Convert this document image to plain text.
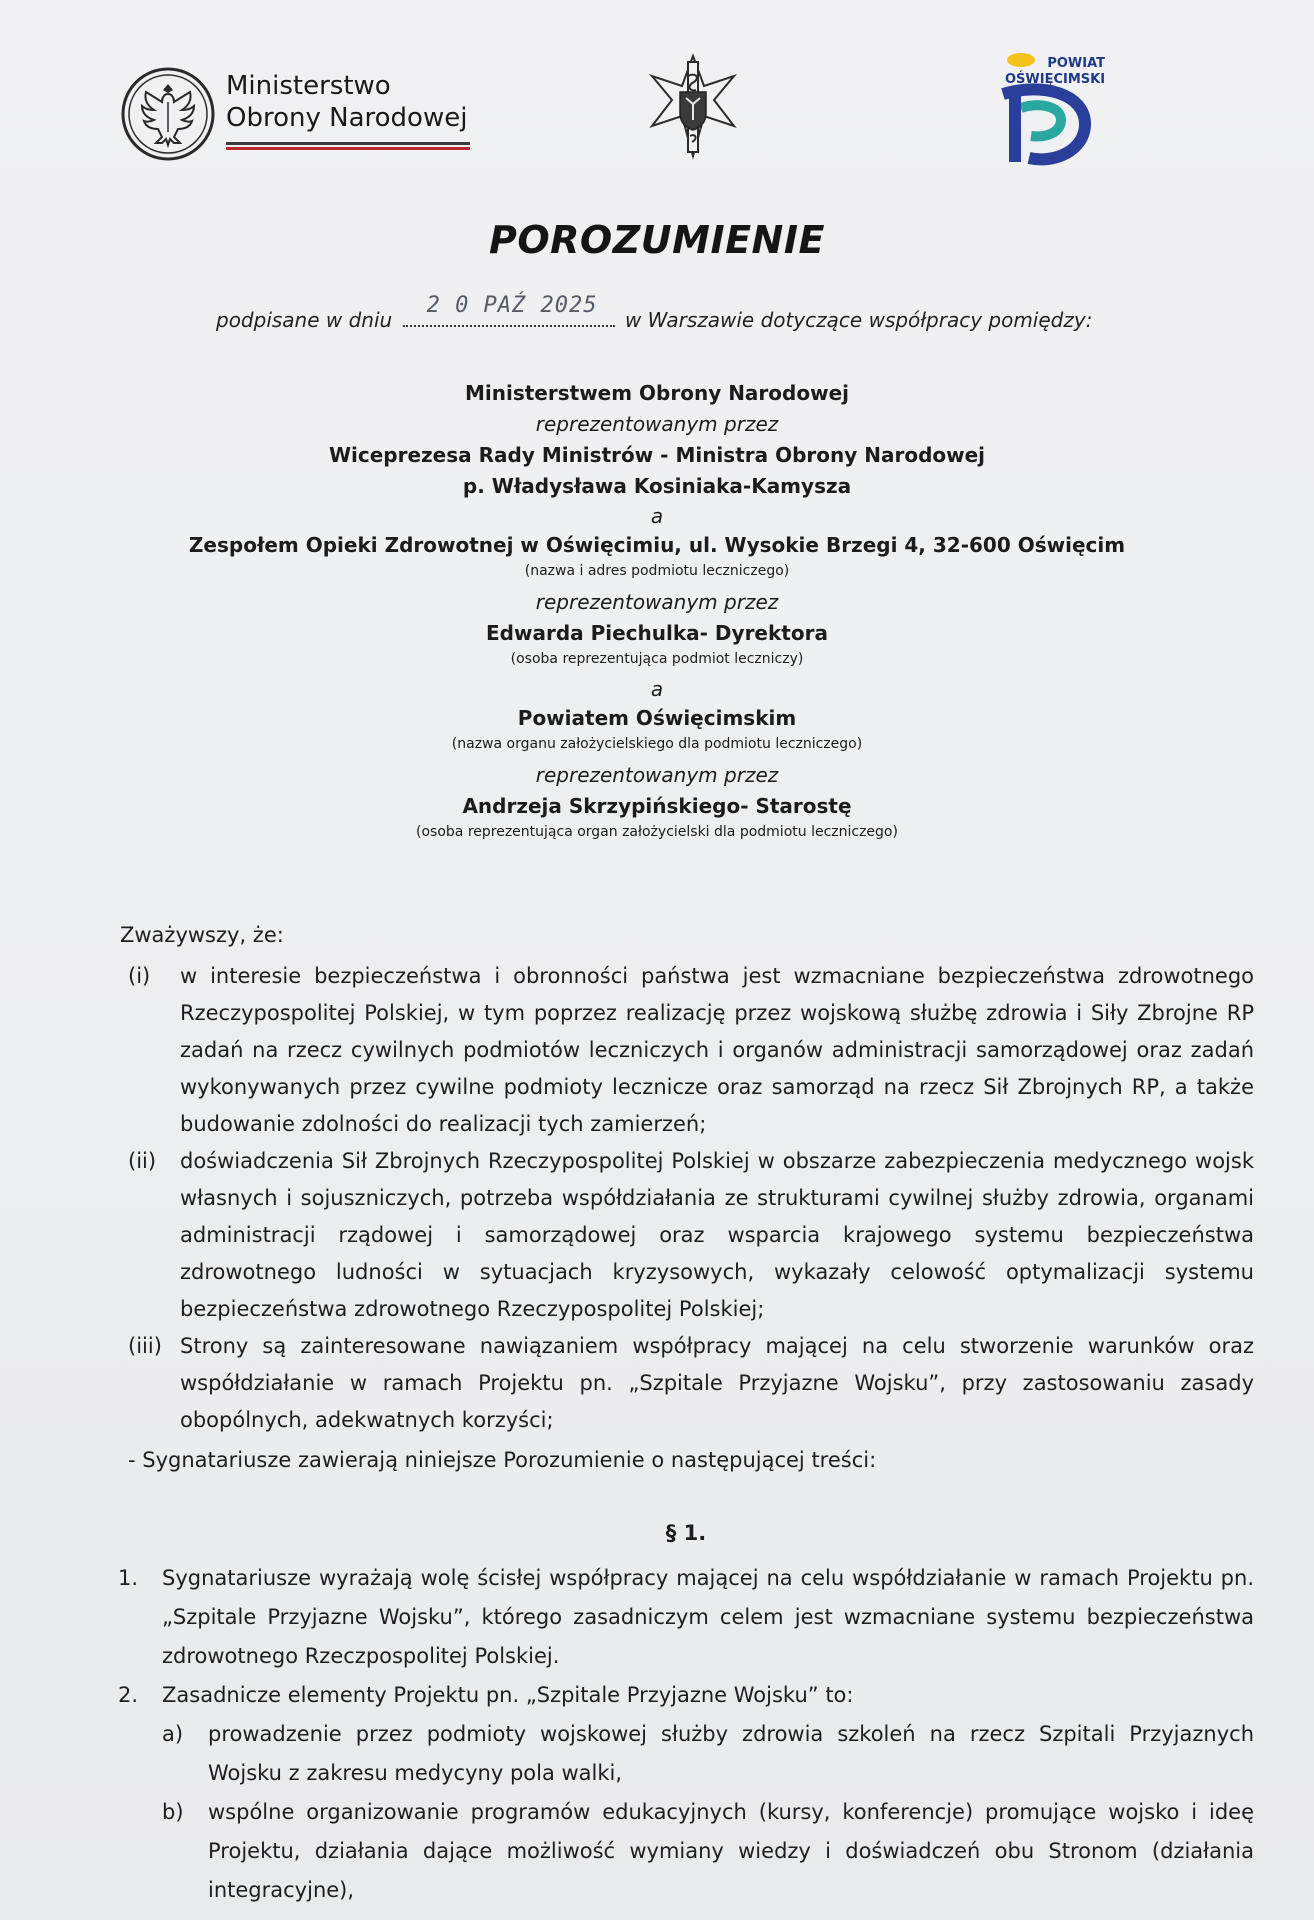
Ministerstwo
Obrony Narodowej
POWIAT
OŚWIĘCIMSKI
POROZUMIENIE
podpisane w dniu
2 0 PAŹ 2025
w Warszawie dotyczące współpracy pomiędzy:
Ministerstwem Obrony Narodowej
reprezentowanym przez
Wiceprezesa Rady Ministrów - Ministra Obrony Narodowej
p. Władysława Kosiniaka-Kamysza
a
Zespołem Opieki Zdrowotnej w Oświęcimiu, ul. Wysokie Brzegi 4, 32-600 Oświęcim
(nazwa i adres podmiotu leczniczego)
reprezentowanym przez
Edwarda Piechulka- Dyrektora
(osoba reprezentująca podmiot leczniczy)
a
Powiatem Oświęcimskim
(nazwa organu założycielskiego dla podmiotu leczniczego)
reprezentowanym przez
Andrzeja Skrzypińskiego- Starostę
(osoba reprezentująca organ założycielski dla podmiotu leczniczego)
Zważywszy, że:
(i)	w interesie bezpieczeństwa i obronności państwa jest wzmacniane bezpieczeństwa zdrowotnego Rzeczypospolitej Polskiej, w tym poprzez realizację przez wojskową służbę zdrowia i Siły Zbrojne RP zadań na rzecz cywilnych podmiotów leczniczych i organów administracji samorządowej oraz zadań wykonywanych przez cywilne podmioty lecznicze oraz samorząd na rzecz Sił Zbrojnych RP, a także budowanie zdolności do realizacji tych zamierzeń;
(ii)	doświadczenia Sił Zbrojnych Rzeczypospolitej Polskiej w obszarze zabezpieczenia medycznego wojsk własnych i sojuszniczych, potrzeba współdziałania ze strukturami cywilnej służby zdrowia, organami administracji rządowej i samorządowej oraz wsparcia krajowego systemu bezpieczeństwa zdrowotnego ludności w sytuacjach kryzysowych, wykazały celowość optymalizacji systemu bezpieczeństwa zdrowotnego Rzeczypospolitej Polskiej;
(iii) Strony są zainteresowane nawiązaniem współpracy mającej na celu stworzenie warunków oraz współdziałanie w ramach Projektu pn. „Szpitale Przyjazne Wojsku”, przy zastosowaniu zasady obopólnych, adekwatnych korzyści;
- Sygnatariusze zawierają niniejsze Porozumienie o następującej treści:
§ 1.
1.	Sygnatariusze wyrażają wolę ścisłej współpracy mającej na celu współdziałanie w ramach Projektu pn. „Szpitale Przyjazne Wojsku”, którego zasadniczym celem jest wzmacniane systemu bezpieczeństwa zdrowotnego Rzeczpospolitej Polskiej.
2.	Zasadnicze elementy Projektu pn. „Szpitale Przyjazne Wojsku” to:
a)	prowadzenie przez podmioty wojskowej służby zdrowia szkoleń na rzecz Szpitali Przyjaznych Wojsku z zakresu medycyny pola walki,
b)	wspólne organizowanie programów edukacyjnych (kursy, konferencje) promujące wojsko i ideę Projektu, działania dające możliwość wymiany wiedzy i doświadczeń obu Stronom (działania integracyjne),
